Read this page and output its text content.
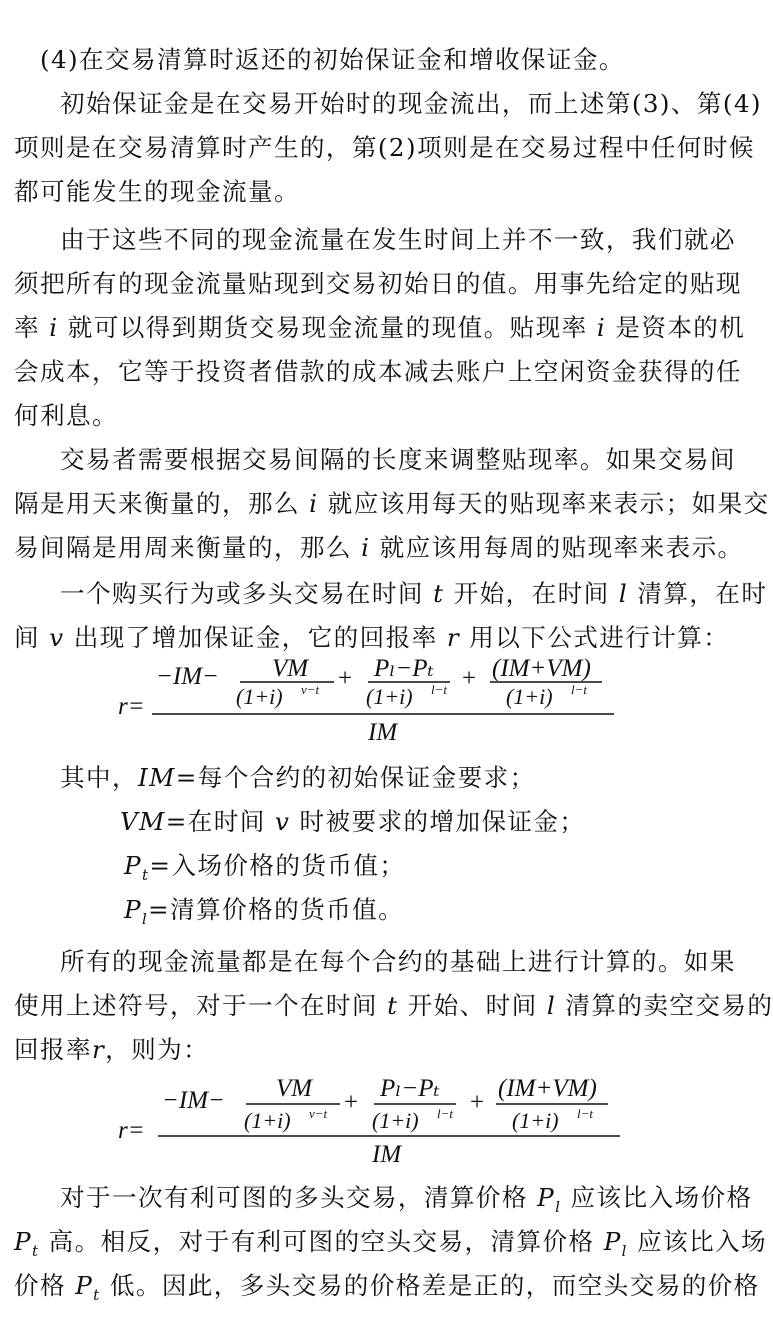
(4)在交易清算时返还的初始保证金和增收保证金。
初始保证金是在交易开始时的现金流出，而上述第(3)、第(4)
项则是在交易清算时产生的，第(2)项则是在交易过程中任何时候
都可能发生的现金流量。
由于这些不同的现金流量在发生时间上并不一致，我们就必
须把所有的现金流量贴现到交易初始日的值。用事先给定的贴现
率 i 就可以得到期货交易现金流量的现值。贴现率 i 是资本的机
会成本，它等于投资者借款的成本减去账户上空闲资金获得的任
何利息。
交易者需要根据交易间隔的长度来调整贴现率。如果交易间
隔是用天来衡量的，那么 i 就应该用每天的贴现率来表示；如果交
易间隔是用周来衡量的，那么 i 就应该用每周的贴现率来表示。
一个购买行为或多头交易在时间 t 开始，在时间 l 清算，在时
间 v 出现了增加保证金，它的回报率 r 用以下公式进行计算：
r=
−IM− VM
(1+i) v−t + Pₗ−Pₜ
(1+i) l−t + (IM+VM)
(1+i) l−t
IM
其中，IM=每个合约的初始保证金要求；
VM=在时间 v 时被要求的增加保证金；
$P_t=$入场价格的货币值；
$P_l=$清算价格的货币值。
所有的现金流量都是在每个合约的基础上进行计算的。如果
使用上述符号，对于一个在时间 t 开始、时间 l 清算的卖空交易的
回报率r，则为：
r=
−IM− VM
(1+i) v−t +
Pₗ−Pₜ
(1+i) l−t +
(IM+VM)
(1+i) l−t
IM
对于一次有利可图的多头交易，清算价格 $P_l$ 应该比入场价格
$P_t$ 高。相反，对于有利可图的空头交易，清算价格 $P_l$ 应该比入场
价格 $P_t$ 低。因此，多头交易的价格差是正的，而空头交易的价格
